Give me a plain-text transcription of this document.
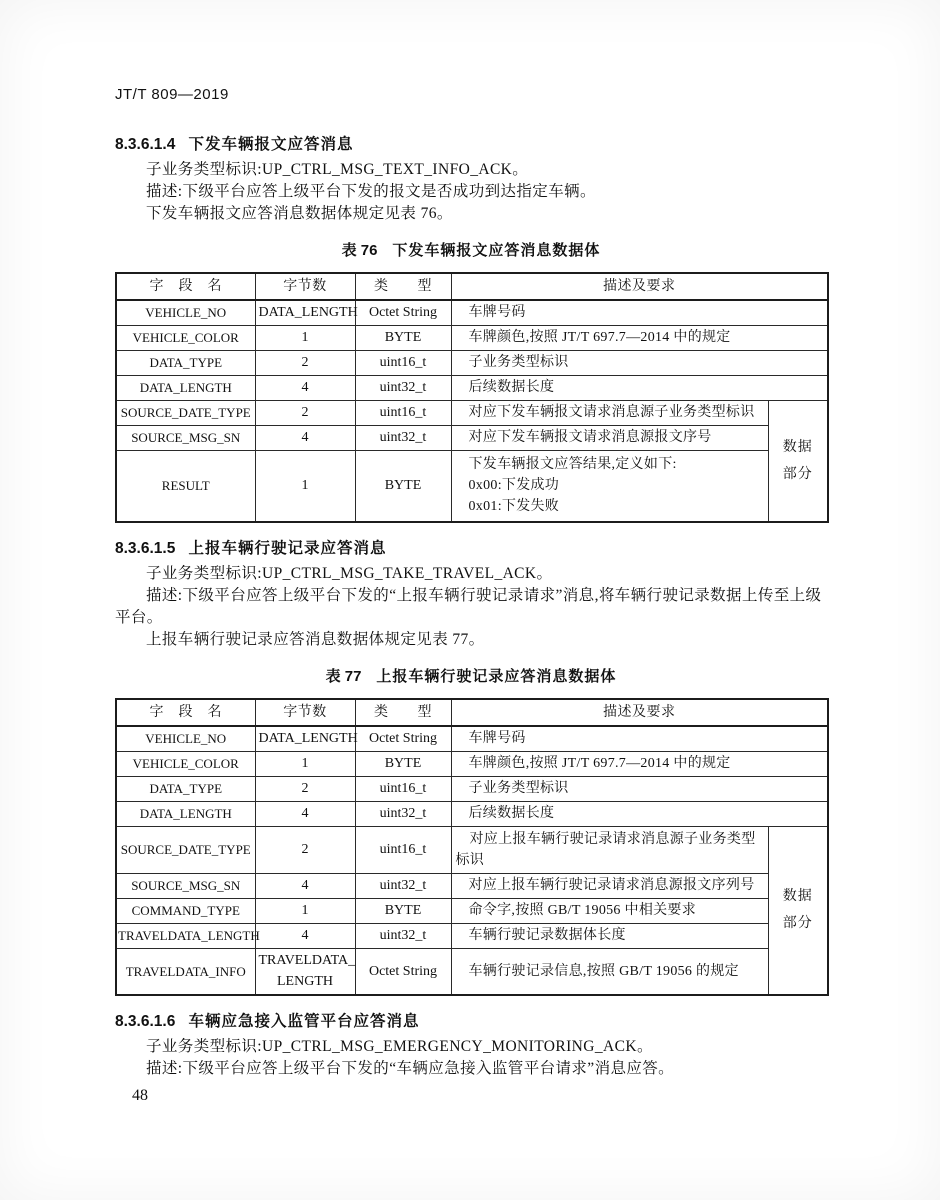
JT/T 809—2019
8.3.6.1.4 下发车辆报文应答消息

子业务类型标识:UP_CTRL_MSG_TEXT_INFO_ACK。

描述:下级平台应答上级平台下发的报文是否成功到达指定车辆。

下发车辆报文应答消息数据体规定见表 76。

表 76 下发车辆报文应答消息数据体
字　段　名	字节数	类　　型	描述及要求	
VEHICLE_NO	DATA_LENGTH	Octet String	车牌号码	
VEHICLE_COLOR	1	BYTE	车牌颜色,按照 JT/T 697.7—2014 中的规定	
DATA_TYPE	2	uint16_t	子业务类型标识	
DATA_LENGTH	4	uint32_t	后续数据长度	
SOURCE_DATE_TYPE	2	uint16_t	对应下发车辆报文请求消息源子业务类型标识	数据
部分
SOURCE_MSG_SN	4	uint32_t	对应下发车辆报文请求消息源报文序号	
RESULT	1	BYTE	下发车辆报文应答结果,定义如下:
0x00:下发成功
0x01:下发失败	
8.3.6.1.5 上报车辆行驶记录应答消息

子业务类型标识:UP_CTRL_MSG_TAKE_TRAVEL_ACK。

描述:下级平台应答上级平台下发的“上报车辆行驶记录请求”消息,将车辆行驶记录数据上传至上级平台。

上报车辆行驶记录应答消息数据体规定见表 77。

表 77 上报车辆行驶记录应答消息数据体
字　段　名	字节数	类　　型	描述及要求	
VEHICLE_NO	DATA_LENGTH	Octet String	车牌号码	
VEHICLE_COLOR	1	BYTE	车牌颜色,按照 JT/T 697.7—2014 中的规定	
DATA_TYPE	2	uint16_t	子业务类型标识	
DATA_LENGTH	4	uint32_t	后续数据长度	
SOURCE_DATE_TYPE	2	uint16_t	对应上报车辆行驶记录请求消息源子业务类型标识	数据
部分
SOURCE_MSG_SN	4	uint32_t	对应上报车辆行驶记录请求消息源报文序列号	
COMMAND_TYPE	1	BYTE	命令字,按照 GB/T 19056 中相关要求	
TRAVELDATA_LENGTH	4	uint32_t	车辆行驶记录数据体长度	
TRAVELDATA_INFO	TRAVELDATA_
LENGTH	Octet String	车辆行驶记录信息,按照 GB/T 19056 的规定	
8.3.6.1.6 车辆应急接入监管平台应答消息

子业务类型标识:UP_CTRL_MSG_EMERGENCY_MONITORING_ACK。

描述:下级平台应答上级平台下发的“车辆应急接入监管平台请求”消息应答。

48
